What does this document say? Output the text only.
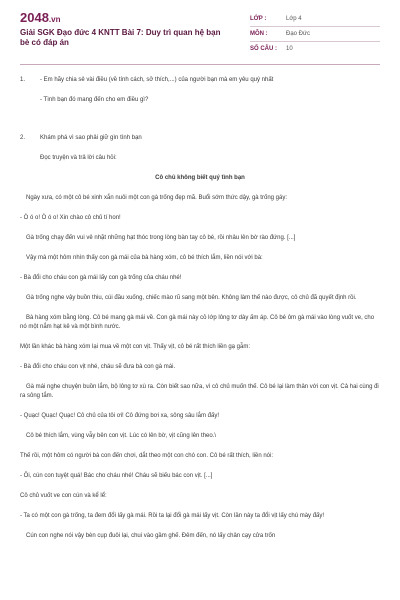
2048.vn
Giải SGK Đạo đức 4 KNTT Bài 7: Duy trì quan hệ bạn bè có đáp án
LỚP :	Lớp 4
MÔN :	Đạo Đức
SỐ CÂU :	10
1. - Em hãy chia sẻ vài điều (về tính cách, sở thích,...) của người bạn mà em yêu quý nhất

- Tình bạn đó mang đến cho em điều gì?

2. Khám phá vì sao phải giữ gìn tình bạn

Đọc truyện và trả lời câu hỏi:

Cô chủ không biết quý tình bạn

Ngày xưa, có một cô bé xinh xắn nuôi một con gà trống đẹp mã. Buổi sớm thức dậy, gà trống gáy:

- Ò ó o! Ò ó o! Xin chào cô chủ tí hon!

Gà trống chạy đến vui vẻ nhặt những hạt thóc trong lòng bàn tay cô bé, rồi nhảu lên bờ rào đứng. [...]

Vậy mà một hôm nhìn thấy con gà mái của bà hàng xóm, cô bé thích lắm, liền nói với bà:

- Bà đổi cho cháu con gà mái lấy con gà trống của cháu nhé!

Gà trống nghe vậy buồn thiu, cúi đầu xuống, chiếc mào rũ sang một bên. Không làm thế nào được, cô chủ đã quyết định rồi.

Bà hàng xóm bằng lòng. Cô bé mang gà mái về. Con gà mái này cỏ lớp lông tơ dày ấm áp. Cô bé ôm gà mái vào lòng vuốt ve, cho nó một nắm hạt kê và một bình nước.

Một lần khác bà hàng xóm lại mua về một con vịt. Thấy vịt, cô bé rất thích liền gạ gẫm:

- Bà đổi cho cháu con vịt nhé, cháu sẽ đưa bà con gà mái.

Gà mái nghe chuyện buồn lắm, bộ lông tơ xù ra. Còn biết sao nữa, vì cô chủ muốn thế. Cô bé lại làm thân với con vịt. Cả hai cùng đi ra sông tắm.

- Quạc! Quạc! Quạc! Cô chủ của tôi ơi! Cô đứng bơi xa, sông sâu lắm đấy!

Cô bé thích lắm, vùng vẫy bên con vịt. Lúc có lên bờ, vịt cũng lên theo.\

Thế rồi, một hôm có người bà con đến chơi, dắt theo một con chó con. Cô bé rất thích, liền nói:

- Ôi, cún con tuyệt quá! Bác cho cháu nhé! Cháu sẽ biếu bác con vịt. [...]

Cô chủ vuốt ve con cún và kể lể:

- Ta có một con gà trống, ta đem đổi lấy gà mái. Rồi ta lại đổi gà mái lấy vịt. Còn lần này ta đổi vịt lấy chú mày đấy!

Cún con nghe nói vậy bèn cụp đuôi lại, chui vào gầm ghế. Đêm đến, nó lấy chân cạy cửa trốn
